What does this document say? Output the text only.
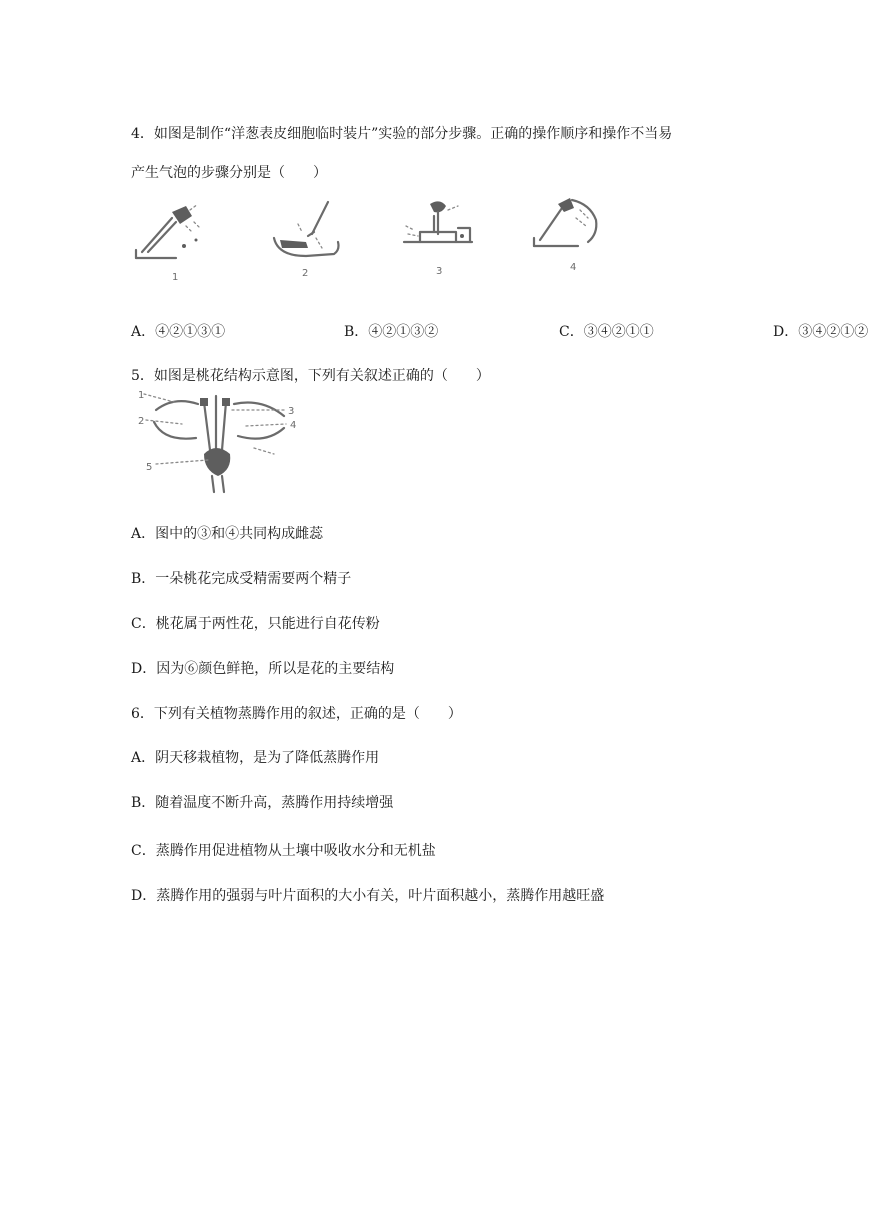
4．如图是制作“洋葱表皮细胞临时装片”实验的部分步骤。正确的操作顺序和操作不当易
产生气泡的步骤分别是（　　）
1	2	3	4
A．④②①③①	B．④②①③②	C．③④②①①	D．③④②①②
5．如图是桃花结构示意图，下列有关叙述正确的（　　）
1
2
3
4
5
A．图中的③和④共同构成雌蕊
B．一朵桃花完成受精需要两个精子
C．桃花属于两性花，只能进行自花传粉
D．因为⑥颜色鲜艳，所以是花的主要结构
6．下列有关植物蒸腾作用的叙述，正确的是（　　）
A．阴天移栽植物，是为了降低蒸腾作用
B．随着温度不断升高，蒸腾作用持续增强
C．蒸腾作用促进植物从土壤中吸收水分和无机盐
D．蒸腾作用的强弱与叶片面积的大小有关，叶片面积越小，蒸腾作用越旺盛
